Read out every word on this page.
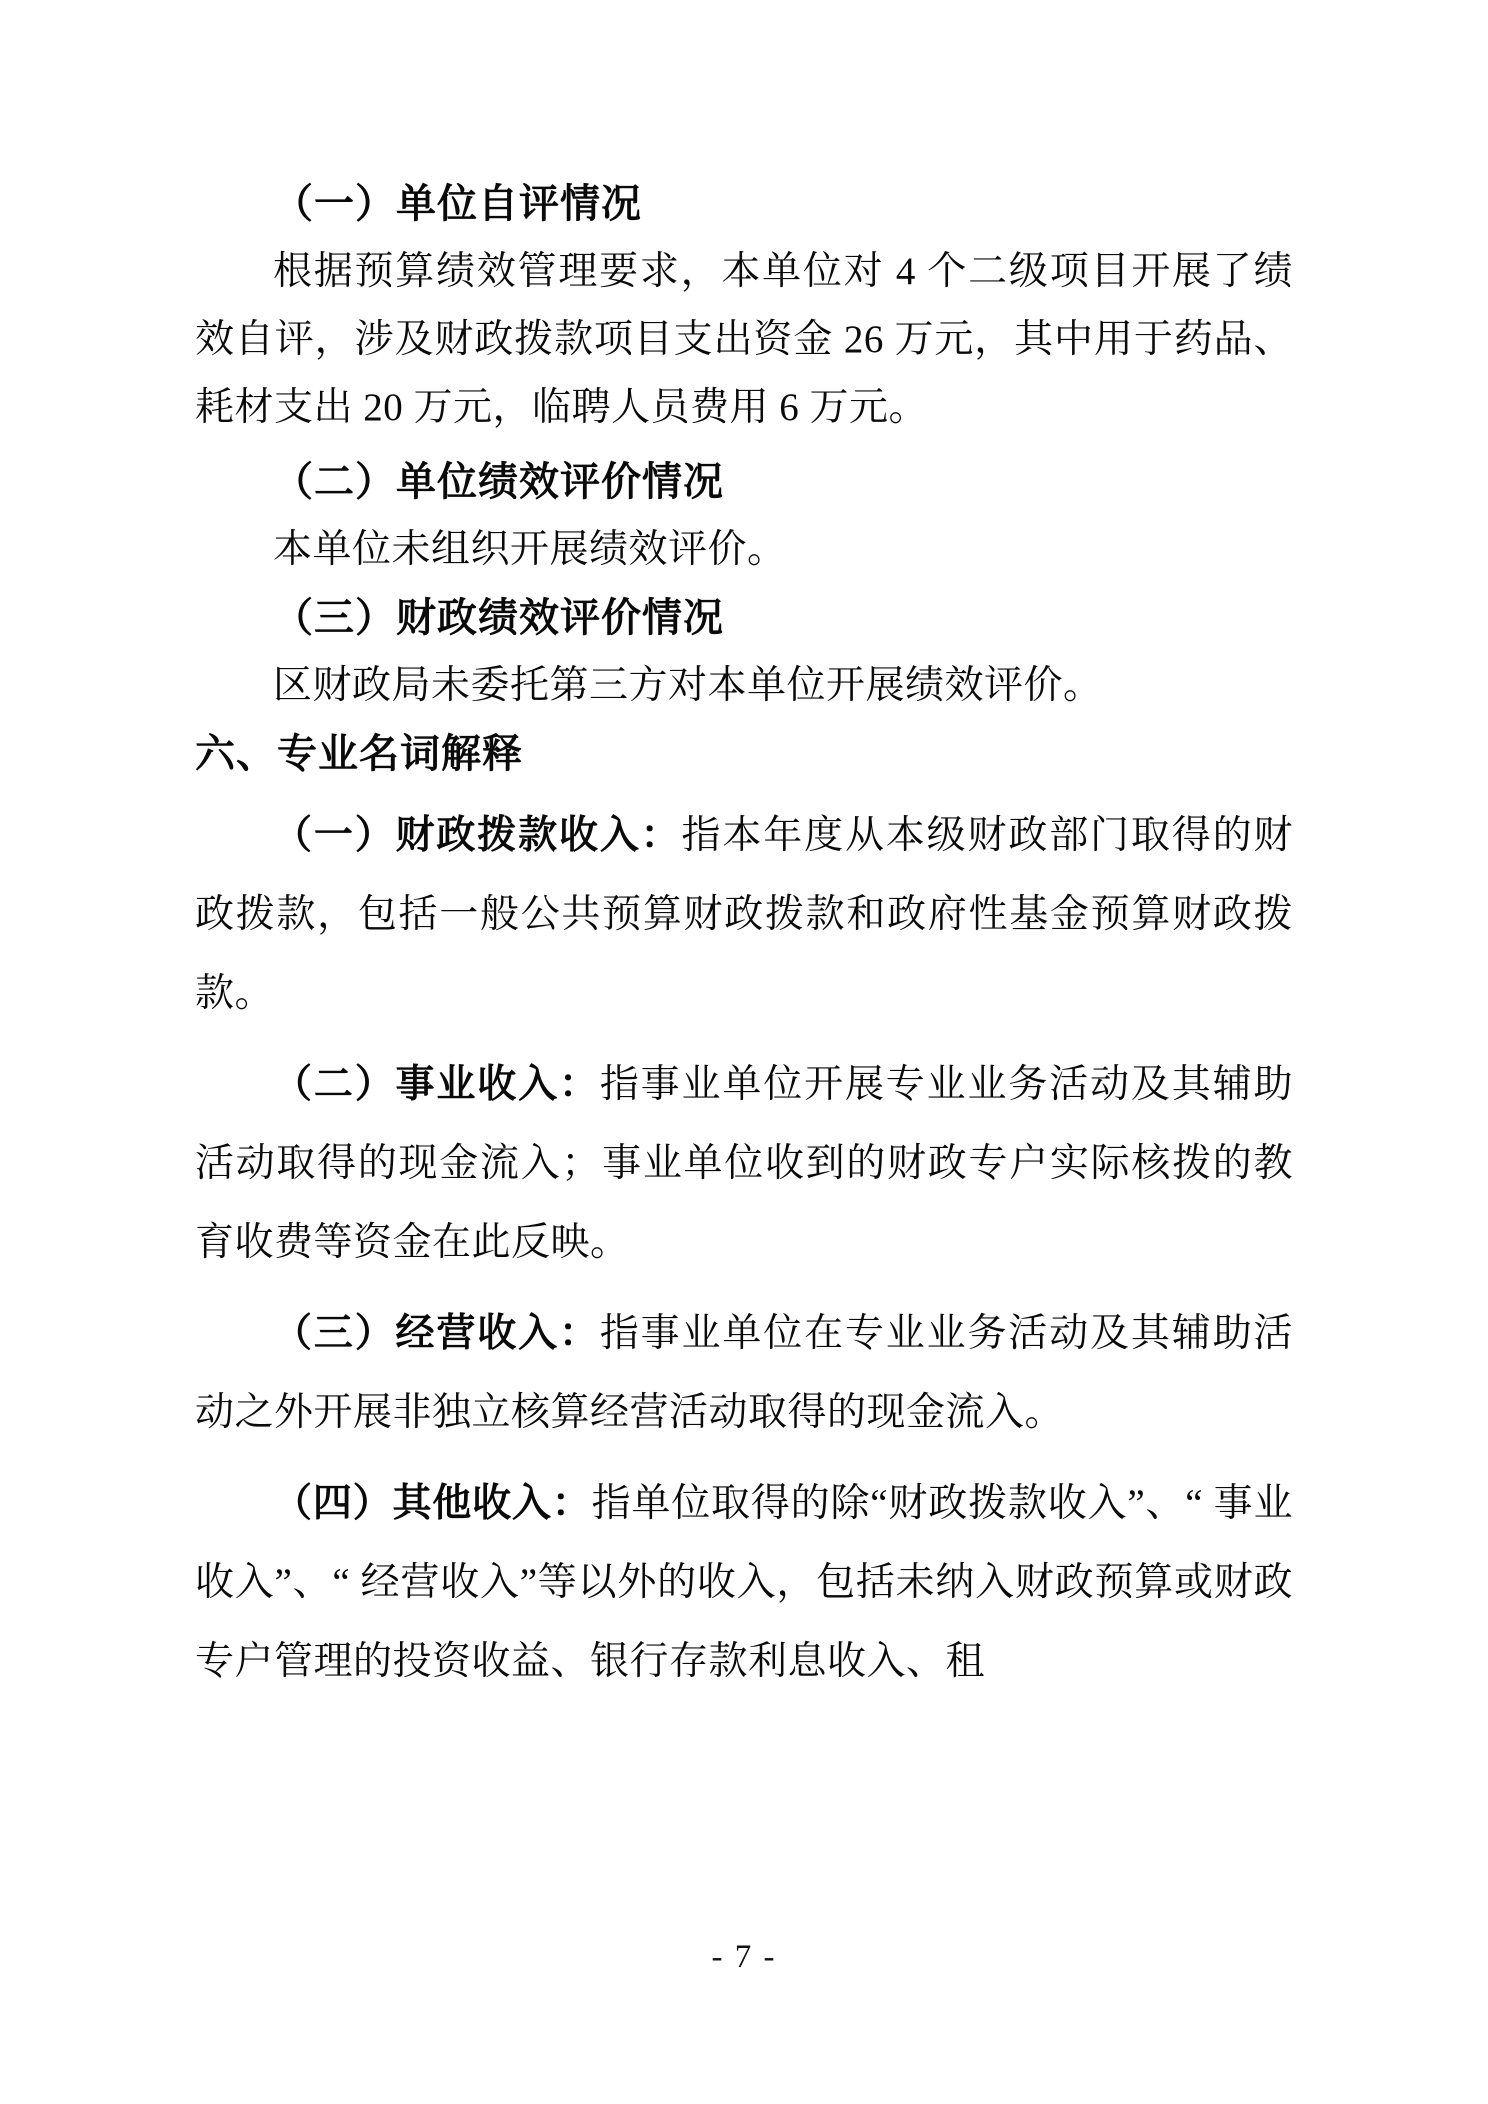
（一）单位自评情况

根据预算绩效管理要求，本单位对 4 个二级项目开展了绩效自评，涉及财政拨款项目支出资金 26 万元，其中用于药品、耗材支出 20 万元，临聘人员费用 6 万元。

（二）单位绩效评价情况

本单位未组织开展绩效评价。

（三）财政绩效评价情况

区财政局未委托第三方对本单位开展绩效评价。

六、专业名词解释

（一）财政拨款收入：指本年度从本级财政部门取得的财政拨款，包括一般公共预算财政拨款和政府性基金预算财政拨款。

（二）事业收入：指事业单位开展专业业务活动及其辅助活动取得的现金流入；事业单位收到的财政专户实际核拨的教育收费等资金在此反映。

（三）经营收入：指事业单位在专业业务活动及其辅助活动之外开展非独立核算经营活动取得的现金流入。

（四）其他收入：指单位取得的除“财政拨款收入”、“ 事业收入”、“ 经营收入”等以外的收入，包括未纳入财政预算或财政专户管理的投资收益、银行存款利息收入、租

- 7 -
